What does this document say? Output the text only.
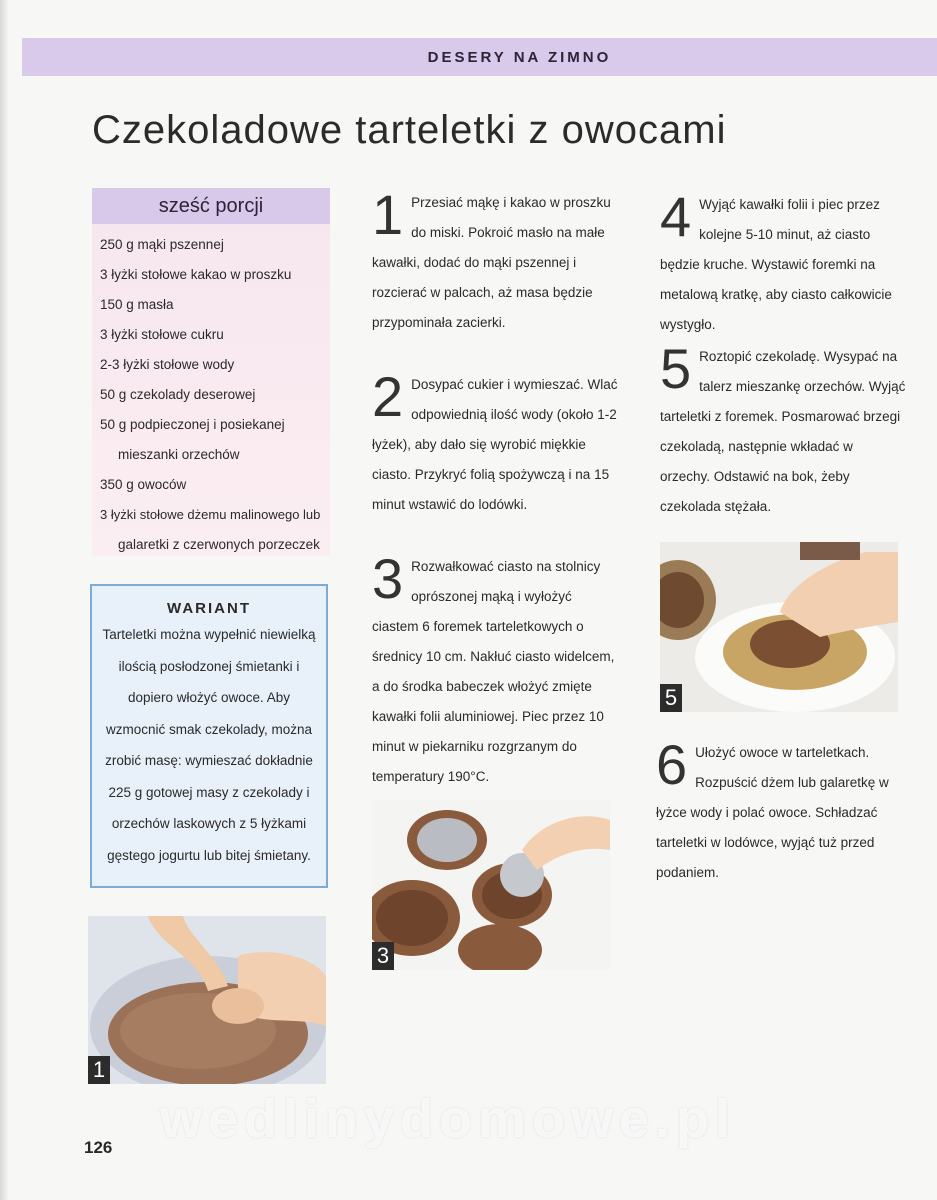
DESERY NA ZIMNO
Czekoladowe tarteletki z owocami
sześć porcji
250 g mąki pszennej
3 łyżki stołowe kakao w proszku
150 g masła
3 łyżki stołowe cukru
2-3 łyżki stołowe wody
50 g czekolady deserowej
50 g podpieczonej i posiekanej
mieszanki orzechów
350 g owoców
3 łyżki stołowe dżemu malinowego lub
galaretki z czerwonych porzeczek
WARIANT
Tarteletki można wypełnić niewielką ilością posłodzonej śmietanki i dopiero włożyć owoce. Aby wzmocnić smak czekolady, można zrobić masę: wymieszać dokładnie 225 g gotowej masy z czekolady i orzechów laskowych z 5 łyżkami gęstego jogurtu lub bitej śmietany.
1 Przesiać mąkę i kakao w proszku do miski. Pokroić masło na małe kawałki, dodać do mąki pszennej i rozcierać w palcach, aż masa będzie przypominała zacierki.

2 Dosypać cukier i wymieszać. Wlać odpowiednią ilość wody (około 1-2 łyżek), aby dało się wyrobić miękkie ciasto. Przykryć folią spożywczą i na 15 minut wstawić do lodówki.

3 Rozwałkować ciasto na stolnicy oprószonej mąką i wyłożyć ciastem 6 foremek tarteletkowych o średnicy 10 cm. Nakłuć ciasto widelcem, a do środka babeczek włożyć zmięte kawałki folii aluminiowej. Piec przez 10 minut w piekarniku rozgrzanym do temperatury 190°C.

4 Wyjąć kawałki folii i piec przez kolejne 5-10 minut, aż ciasto będzie kruche. Wystawić foremki na metalową kratkę, aby ciasto całkowicie wystygło.

5 Roztopić czekoladę. Wysypać na talerz mieszankę orzechów. Wyjąć tarteletki z foremek. Posmarować brzegi czekoladą, następnie wkładać w orzechy. Odstawić na bok, żeby czekolada stężała.

6 Ułożyć owoce w tarteletkach. Rozpuścić dżem lub galaretkę w łyżce wody i polać owoce. Schładzać tarteletki w lodówce, wyjąć tuż przed podaniem.

1
3
5
wedlinydomowe.pl
126
